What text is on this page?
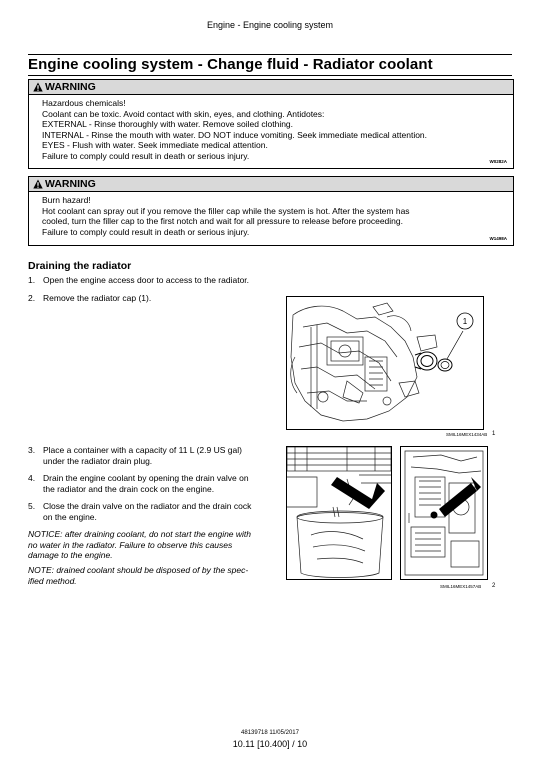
Engine - Engine cooling system
Engine cooling system - Change fluid - Radiator coolant
WARNING
Hazardous chemicals!
Coolant can be toxic. Avoid contact with skin, eyes, and clothing. Antidotes:
EXTERNAL - Rinse thoroughly with water. Remove soiled clothing.
INTERNAL - Rinse the mouth with water. DO NOT induce vomiting. Seek immediate medical attention.
EYES - Flush with water. Seek immediate medical attention.
Failure to comply could result in death or serious injury.
W0282A
WARNING
Burn hazard!
Hot coolant can spray out if you remove the filler cap while the system is hot. After the system has
cooled, turn the filler cap to the first notch and wait for all pressure to release before proceeding.
Failure to comply could result in death or serious injury.
W1498A
Draining the radiator
1. Open the engine access door to access to the radiator.
2. Remove the radiator cap (1).
3. Place a container with a capacity of 11 L (2.9 US gal)
under the radiator drain plug.
4. Drain the engine coolant by opening the drain valve on
the radiator and the drain cock on the engine.
5. Close the drain valve on the radiator and the drain cock
on the engine.
NOTICE: after draining coolant, do not start the engine with
no water in the radiator. Failure to observe this causes
damage to the engine.
NOTE: drained coolant should be disposed of by the spec-
ified method.
1
SMIL16MEX1434AB 1
SMIL16MEX1457AB 2
48139718 11/05/2017
10.11 [10.400] / 10
